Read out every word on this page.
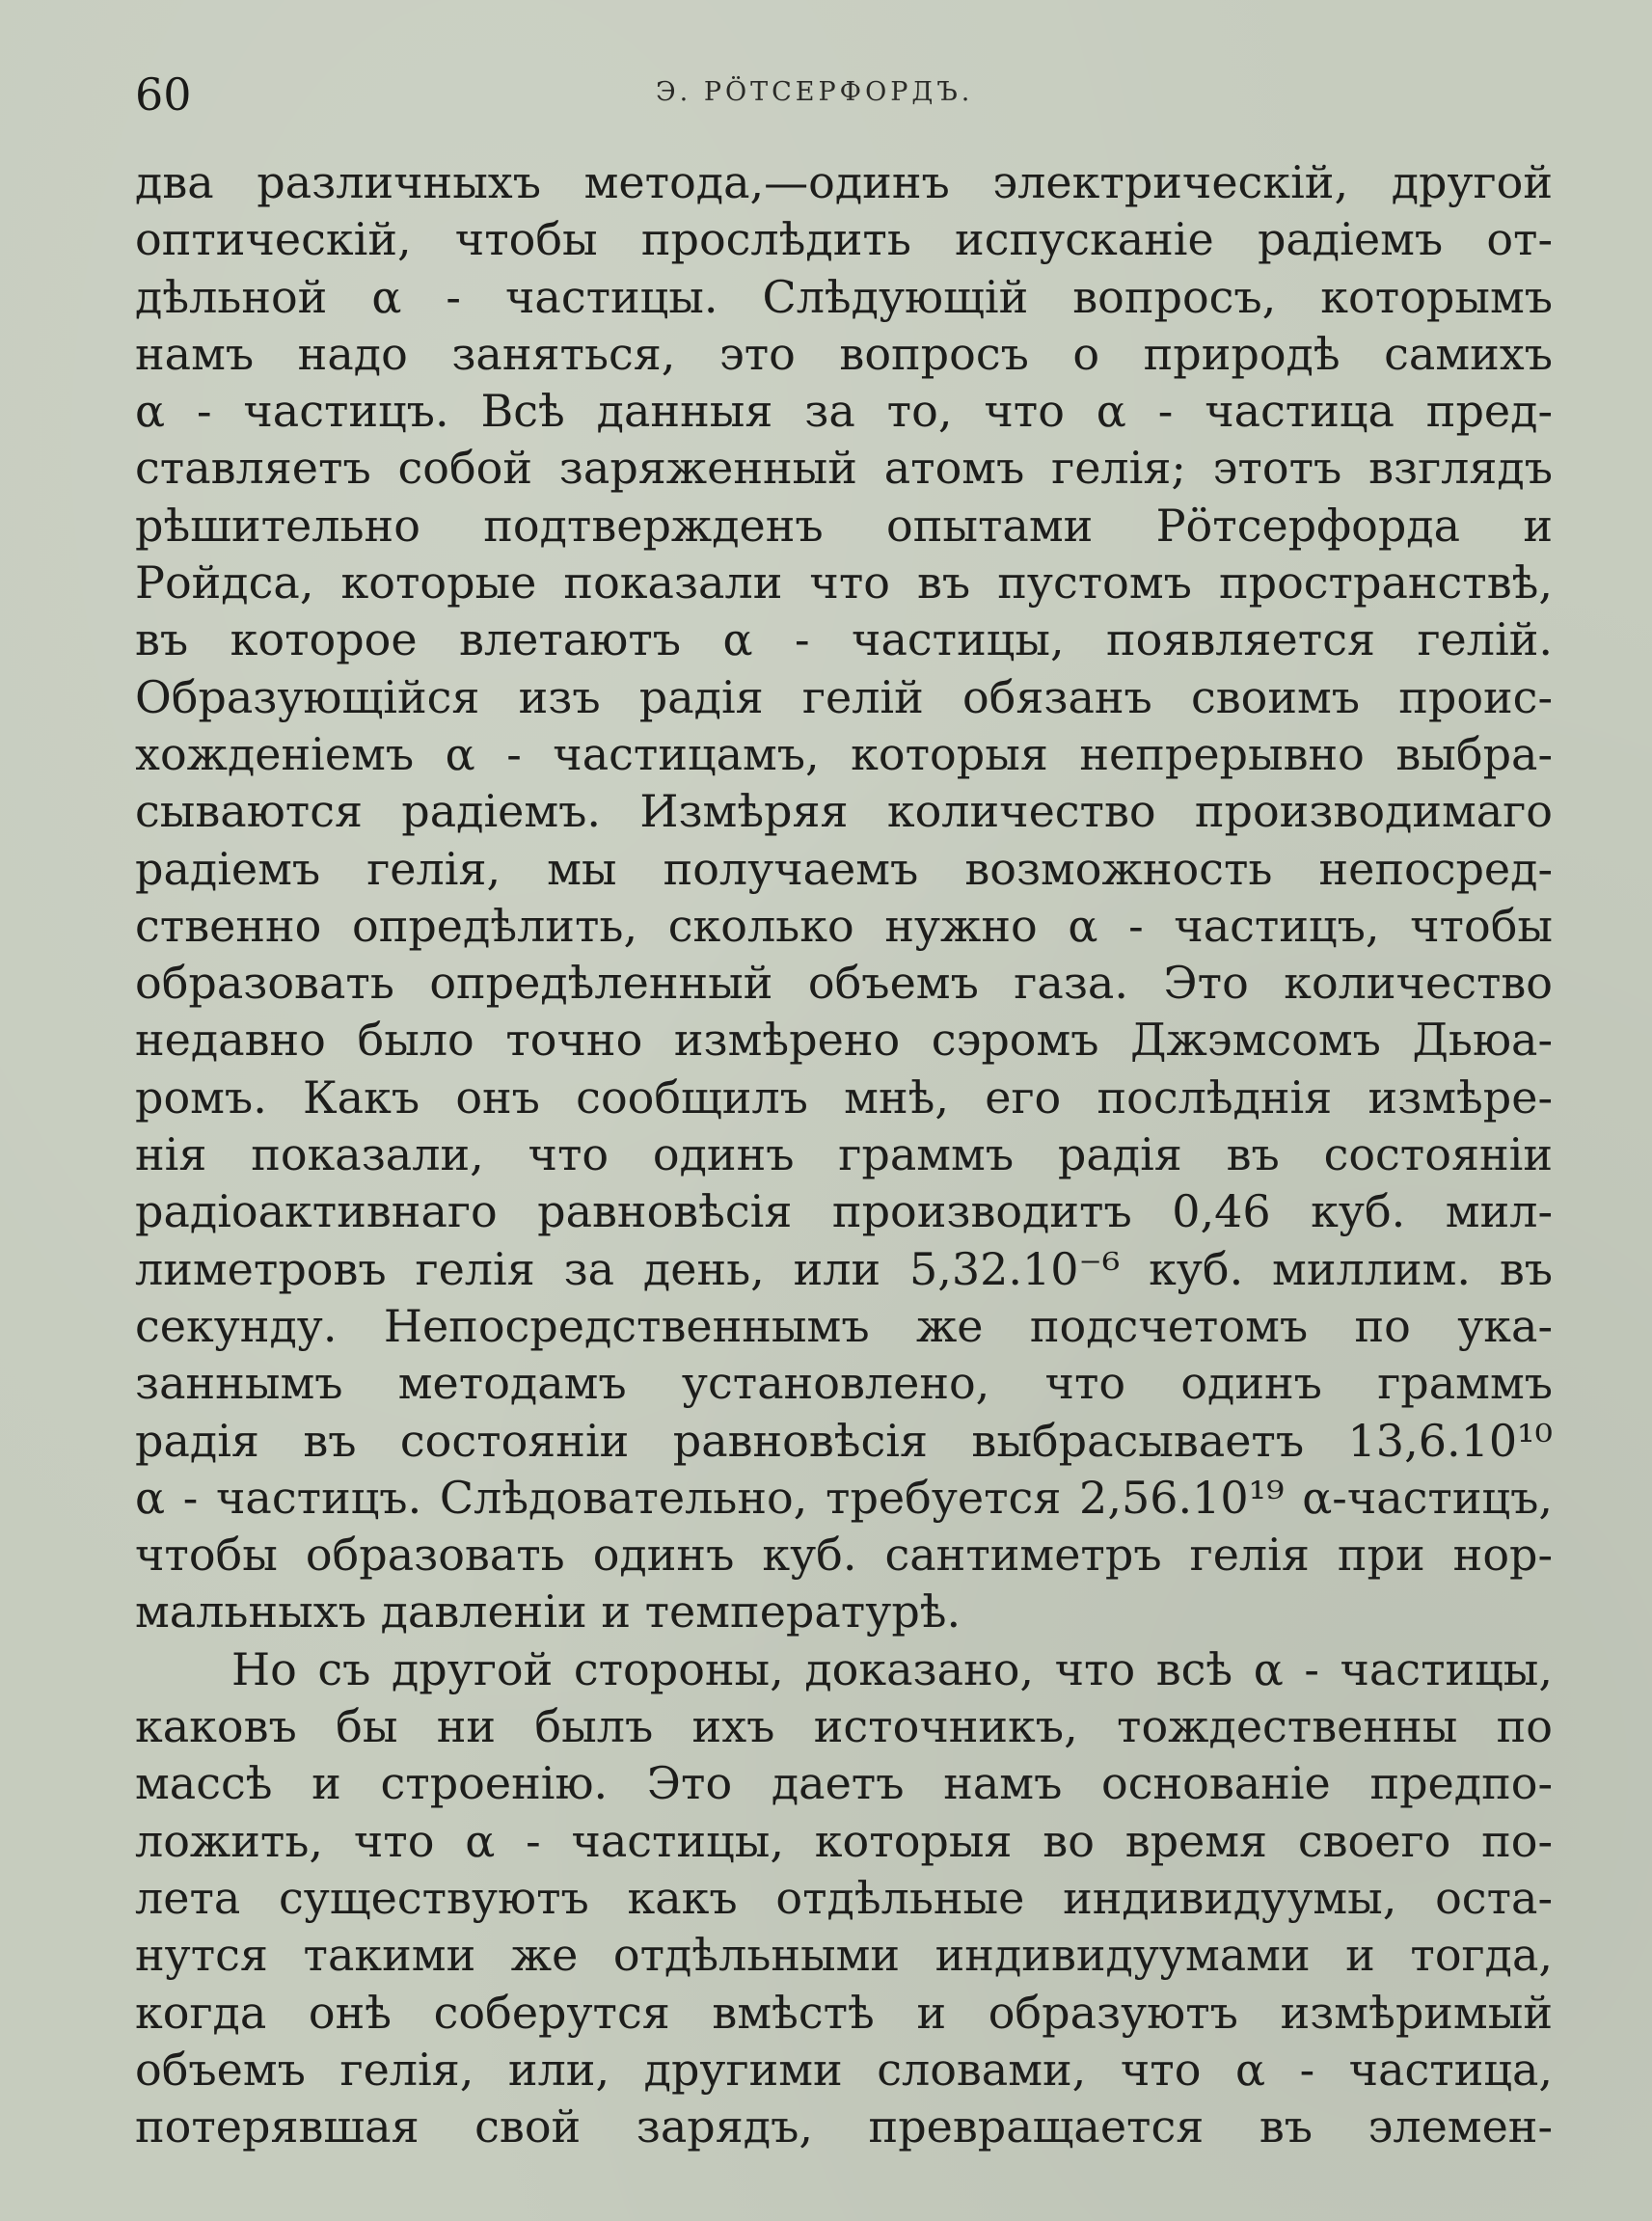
60	Э. РӦТСЕРФОРДЪ.
два различныхъ метода,—одинъ электрическій, другой
оптическій, чтобы прослѣдить испусканіе радіемъ от-
дѣльной α - частицы. Слѣдующій вопросъ, которымъ
намъ надо заняться, это вопросъ о природѣ самихъ
α - частицъ. Всѣ данныя за то, что α - частица пред-
ставляетъ собой заряженный атомъ гелія; этотъ взглядъ
рѣшительно подтвержденъ опытами Рӧтсерфорда и
Ройдса, которые показали что въ пустомъ пространствѣ,
въ которое влетаютъ α - частицы, появляется гелій.
Образующійся изъ радія гелій обязанъ своимъ проис-
хожденіемъ α - частицамъ, которыя непрерывно выбра-
сываются радіемъ. Измѣряя количество производимаго
радіемъ гелія, мы получаемъ возможность непосред-
ственно опредѣлить, сколько нужно α - частицъ, чтобы
образовать опредѣленный объемъ газа. Это количество
недавно было точно измѣрено сэромъ Джэмсомъ Дьюа-
ромъ. Какъ онъ сообщилъ мнѣ, его послѣднія измѣре-
нія показали, что одинъ граммъ радія въ состояніи
радіоактивнаго равновѣсія производитъ 0,46 куб. мил-
лиметровъ гелія за день, или 5,32.10⁻⁶ куб. миллим. въ
секунду. Непосредственнымъ же подсчетомъ по ука-
заннымъ методамъ установлено, что одинъ граммъ
радія въ состояніи равновѣсія выбрасываетъ 13,6.10¹⁰
α - частицъ. Слѣдовательно, требуется 2,56.10¹⁹ α-частицъ,
чтобы образовать одинъ куб. сантиметръ гелія при нор-
мальныхъ давленіи и температурѣ.
Но съ другой стороны, доказано, что всѣ α - частицы,
каковъ бы ни былъ ихъ источникъ, тождественны по
массѣ и строенію. Это даетъ намъ основаніе предпо-
ложить, что α - частицы, которыя во время своего по-
лета существуютъ какъ отдѣльные индивидуумы, оста-
нутся такими же отдѣльными индивидуумами и тогда,
когда онѣ соберутся вмѣстѣ и образуютъ измѣримый
объемъ гелія, или, другими словами, что α - частица,
потерявшая свой зарядъ, превращается въ элемен-
